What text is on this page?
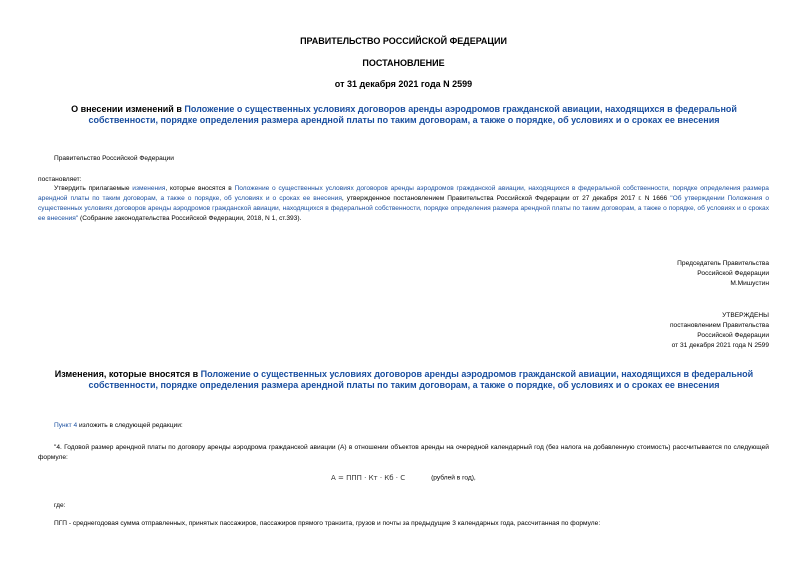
ПРАВИТЕЛЬСТВО РОССИЙСКОЙ ФЕДЕРАЦИИ
ПОСТАНОВЛЕНИЕ
от 31 декабря 2021 года N 2599
О внесении изменений в Положение о существенных условиях договоров аренды аэродромов гражданской авиации, находящихся в федеральной собственности, порядке определения размера арендной платы по таким договорам, а также о порядке, об условиях и о сроках ее внесения
Правительство Российской Федерации
постановляет:
Утвердить прилагаемые изменения, которые вносятся в Положение о существенных условиях договоров аренды аэродромов гражданской авиации, находящихся в федеральной собственности, порядке определения размера арендной платы по таким договорам, а также о порядке, об условиях и о сроках ее внесения, утвержденное постановлением Правительства Российской Федерации от 27 декабря 2017 г. N 1666 "Об утверждении Положения о существенных условиях договоров аренды аэродромов гражданской авиации, находящихся в федеральной собственности, порядке определения размера арендной платы по таким договорам, а также о порядке, об условиях и о сроках ее внесения" (Собрание законодательства Российской Федерации, 2018, N 1, ст.393).
Председатель Правительства
Российской Федерации
М.Мишустин
УТВЕРЖДЕНЫ
постановлением Правительства
Российской Федерации
от 31 декабря 2021 года N 2599
Изменения, которые вносятся в Положение о существенных условиях договоров аренды аэродромов гражданской авиации, находящихся в федеральной собственности, порядке определения размера арендной платы по таким договорам, а также о порядке, об условиях и о сроках ее внесения
Пункт 4 изложить в следующей редакции:
"4. Годовой размер арендной платы по договору аренды аэродрома гражданской авиации (А) в отношении объектов аренды на очередной календарный год (без налога на добавленную стоимость) рассчитывается по следующей формуле:
A = ППП · Кт · Кб · C	(рублей в год),
где:
ПГП - среднегодовая сумма отправленных, принятых пассажиров, пассажиров прямого транзита, грузов и почты за предыдущие 3 календарных года, рассчитанная по формуле:
